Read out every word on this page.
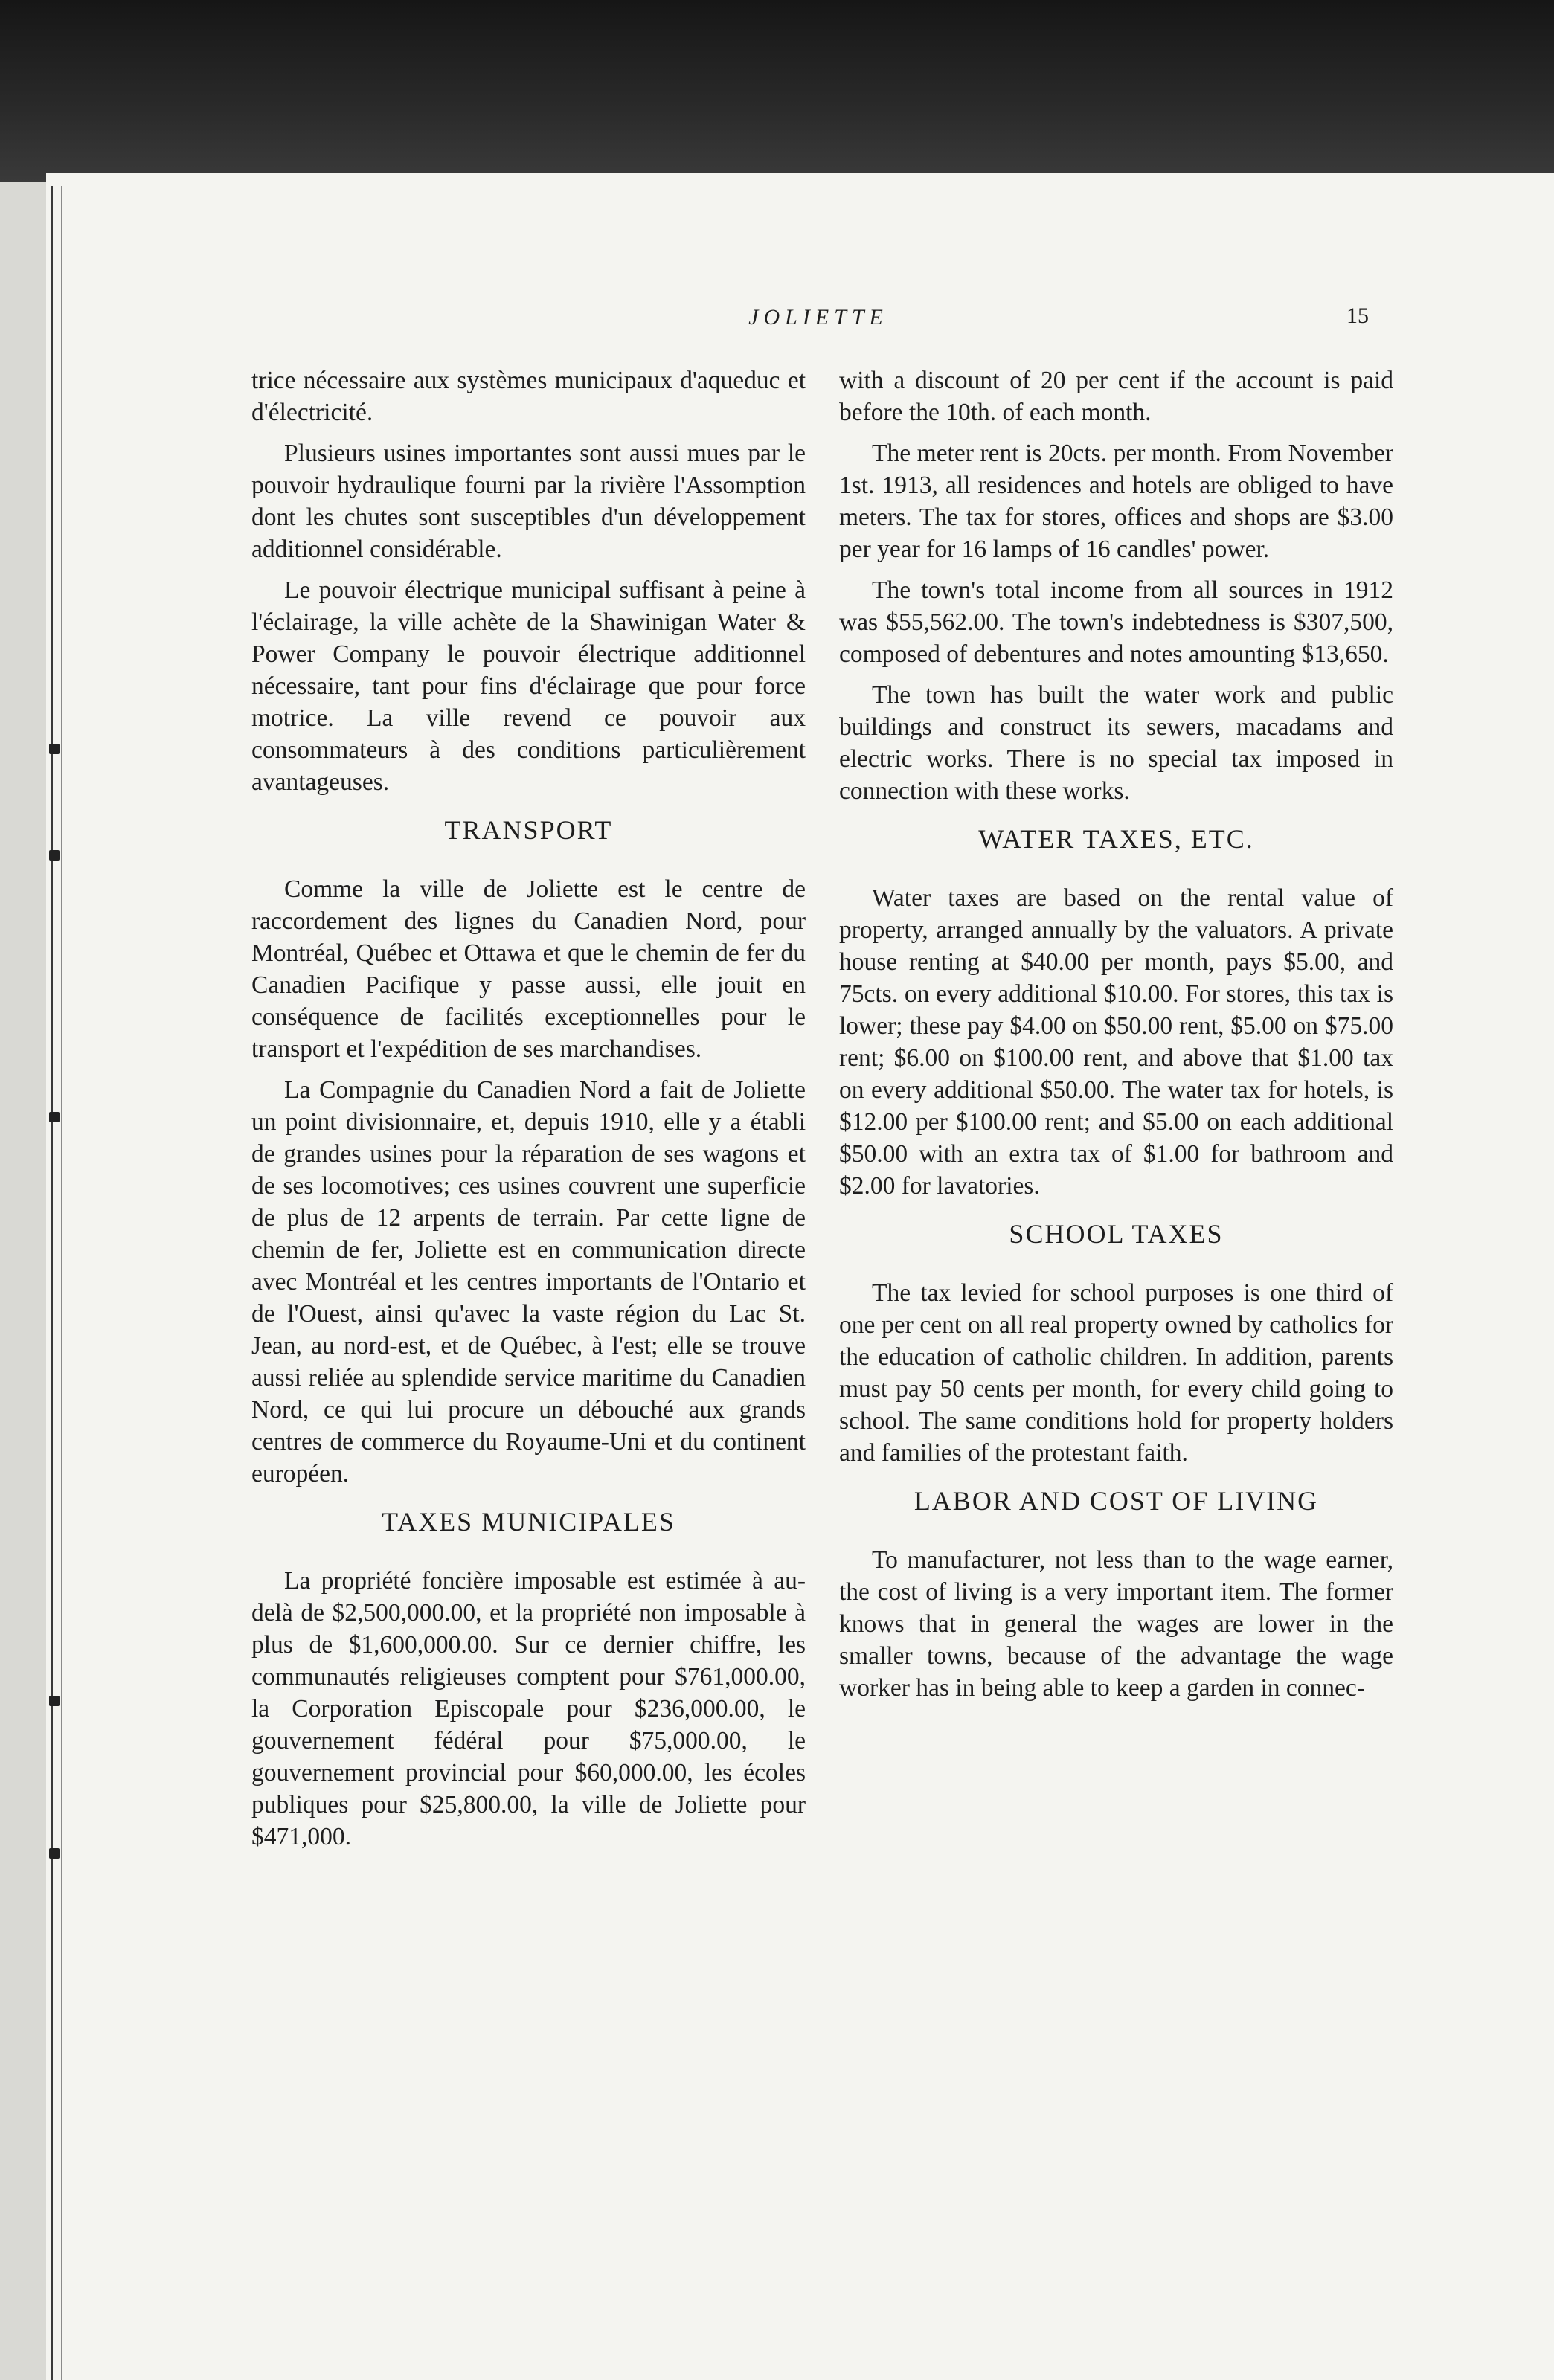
JOLIETTE	15

trice nécessaire aux systèmes municipaux d'aqueduc et d'électricité.

Plusieurs usines importantes sont aussi mues par le pouvoir hydraulique fourni par la rivière l'Assomption dont les chutes sont susceptibles d'un développement additionnel considérable.

Le pouvoir électrique municipal suffisant à peine à l'éclairage, la ville achète de la Shawinigan Water & Power Company le pouvoir électrique additionnel nécessaire, tant pour fins d'éclairage que pour force motrice. La ville revend ce pouvoir aux consommateurs à des conditions particulièrement avantageuses.

TRANSPORT

Comme la ville de Joliette est le centre de raccordement des lignes du Canadien Nord, pour Montréal, Québec et Ottawa et que le chemin de fer du Canadien Pacifique y passe aussi, elle jouit en conséquence de facilités exceptionnelles pour le transport et l'expédition de ses marchandises.

La Compagnie du Canadien Nord a fait de Joliette un point divisionnaire, et, depuis 1910, elle y a établi de grandes usines pour la réparation de ses wagons et de ses locomotives; ces usines couvrent une superficie de plus de 12 arpents de terrain. Par cette ligne de chemin de fer, Joliette est en communication directe avec Montréal et les centres importants de l'Ontario et de l'Ouest, ainsi qu'avec la vaste région du Lac St. Jean, au nord-est, et de Québec, à l'est; elle se trouve aussi reliée au splendide service maritime du Canadien Nord, ce qui lui procure un débouché aux grands centres de commerce du Royaume-Uni et du continent européen.

TAXES MUNICIPALES

La propriété foncière imposable est estimée à au-delà de $2,500,000.00, et la propriété non imposable à plus de $1,600,000.00. Sur ce dernier chiffre, les communautés religieuses comptent pour $761,000.00, la Corporation Episcopale pour $236,000.00, le gouvernement fédéral pour $75,000.00, le gouvernement provincial pour $60,000.00, les écoles publiques pour $25,800.00, la ville de Joliette pour $471,000.

with a discount of 20 per cent if the account is paid before the 10th. of each month.

The meter rent is 20cts. per month. From November 1st. 1913, all residences and hotels are obliged to have meters. The tax for stores, offices and shops are $3.00 per year for 16 lamps of 16 candles' power.

The town's total income from all sources in 1912 was $55,562.00. The town's indebtedness is $307,500, composed of debentures and notes amounting $13,650.

The town has built the water work and public buildings and construct its sewers, macadams and electric works. There is no special tax imposed in connection with these works.

WATER TAXES, ETC.

Water taxes are based on the rental value of property, arranged annually by the valuators. A private house renting at $40.00 per month, pays $5.00, and 75cts. on every additional $10.00. For stores, this tax is lower; these pay $4.00 on $50.00 rent, $5.00 on $75.00 rent; $6.00 on $100.00 rent, and above that $1.00 tax on every additional $50.00. The water tax for hotels, is $12.00 per $100.00 rent; and $5.00 on each additional $50.00 with an extra tax of $1.00 for bathroom and $2.00 for lavatories.

SCHOOL TAXES

The tax levied for school purposes is one third of one per cent on all real property owned by catholics for the education of catholic children. In addition, parents must pay 50 cents per month, for every child going to school. The same conditions hold for property holders and families of the protestant faith.

LABOR AND COST OF LIVING

To manufacturer, not less than to the wage earner, the cost of living is a very important item. The former knows that in general the wages are lower in the smaller towns, because of the advantage the wage worker has in being able to keep a garden in connec-
